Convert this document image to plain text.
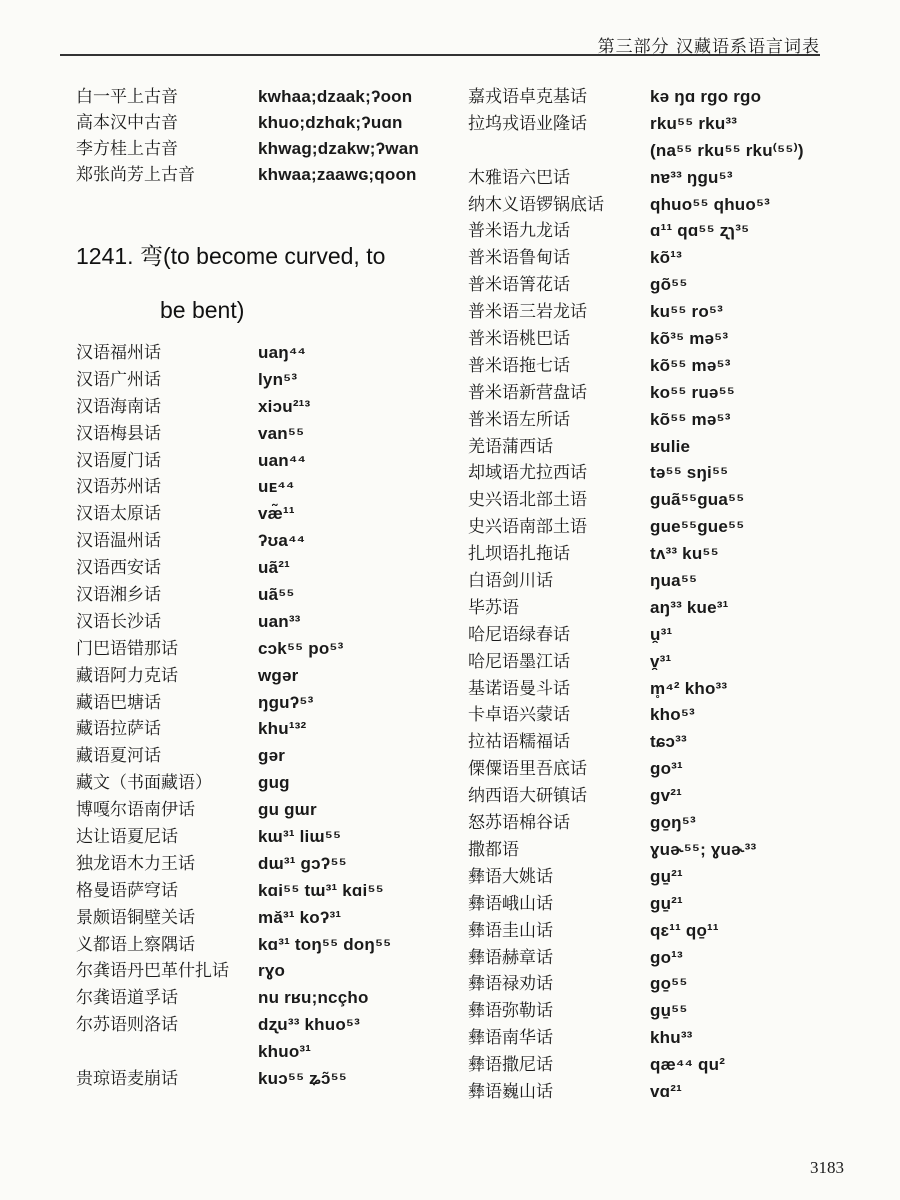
第三部分 汉藏语系语言词表
白一平上古音	kwhaa;dzaak;ʔoon
高本汉中古音	khuo;dzhɑk;ʔuɑn
李方桂上古音	khwag;dzakw;ʔwan
郑张尚芳上古音	khwaa;zaawɢ;qoon
1241. 弯(to become curved, to
be bent)
汉语福州话	uaŋ⁴⁴
汉语广州话	lyn⁵³
汉语海南话	xiɔu²¹³
汉语梅县话	van⁵⁵
汉语厦门话	uan⁴⁴
汉语苏州话	uᴇ⁴⁴
汉语太原话	væ̃¹¹
汉语温州话	ʔʊa⁴⁴
汉语西安话	uã²¹
汉语湘乡话	uã⁵⁵
汉语长沙话	uan³³
门巴语错那话	cɔk⁵⁵ po⁵³
藏语阿力克话	wgər
藏语巴塘话	ŋguʔ⁵³
藏语拉萨话	khu¹³²
藏语夏河话	gər
藏文（书面藏语）	gug
博嘎尔语南伊话	gu gɯr
达让语夏尼话	kɯ³¹ liɯ⁵⁵
独龙语木力王话	dɯ³¹ gɔʔ⁵⁵
格曼语萨穹话	kɑi⁵⁵ tɯ³¹ kɑi⁵⁵
景颇语铜壁关话	mă³¹ koʔ³¹
义都语上察隅话	kɑ³¹ toŋ⁵⁵ doŋ⁵⁵
尔龚语丹巴革什扎话 rɣo
尔龚语道孚话	nu rʁu;ncçho
尔苏语则洛话	dʐu³³ khuo⁵³
khuo³¹
贵琼语麦崩话	kuɔ⁵⁵ ʑɔ̃⁵⁵
嘉戎语卓克基话	kə ŋɑ rgo rgo
拉坞戎语业隆话	rku⁵⁵ rku³³
(na⁵⁵ rku⁵⁵ rku⁽⁵⁵⁾)
木雅语六巴话	nɐ³³ ŋgu⁵³
纳木义语锣锅底话	qhuo⁵⁵ qhuo⁵³
普米语九龙话	ɑ¹¹ qɑ⁵⁵ ʐɿ³⁵
普米语鲁甸话	kõ¹³
普米语箐花话	gõ⁵⁵
普米语三岩龙话	ku⁵⁵ ro⁵³
普米语桃巴话	kõ³⁵ mə⁵³
普米语拖七话	kõ⁵⁵ mə⁵³
普米语新营盘话	ko⁵⁵ ruə⁵⁵
普米语左所话	kõ⁵⁵ mə⁵³
羌语蒲西话	ʁulie
却域语尤拉西话	tə⁵⁵ sŋi⁵⁵
史兴语北部土语	guã⁵⁵gua⁵⁵
史兴语南部土语	gue⁵⁵gue⁵⁵
扎坝语扎拖话	tʌ³³ ku⁵⁵
白语剑川话	ŋua⁵⁵
毕苏语	aŋ³³ kue³¹
哈尼语绿春话	u̯³¹
哈尼语墨江话	v̯³¹
基诺语曼斗话	m̥⁴² kho³³
卡卓语兴蒙话	kho⁵³
拉祜语糯福话	tɕɔ³³
傈僳语里吾底话	go³¹
纳西语大研镇话	gv²¹
怒苏语棉谷话	go̱ŋ⁵³
撒都语	ɣuɚ⁵⁵; ɣuɚ³³
彝语大姚话	gu̱²¹
彝语峨山话	gu̱²¹
彝语圭山话	qɛ¹¹ qo̱¹¹
彝语赫章话	go¹³
彝语禄劝话	go̱⁵⁵
彝语弥勒话	gu̱⁵⁵
彝语南华话	khu³³
彝语撒尼话	qæ⁴⁴ qu²
彝语巍山话	vɑ²¹
3183
